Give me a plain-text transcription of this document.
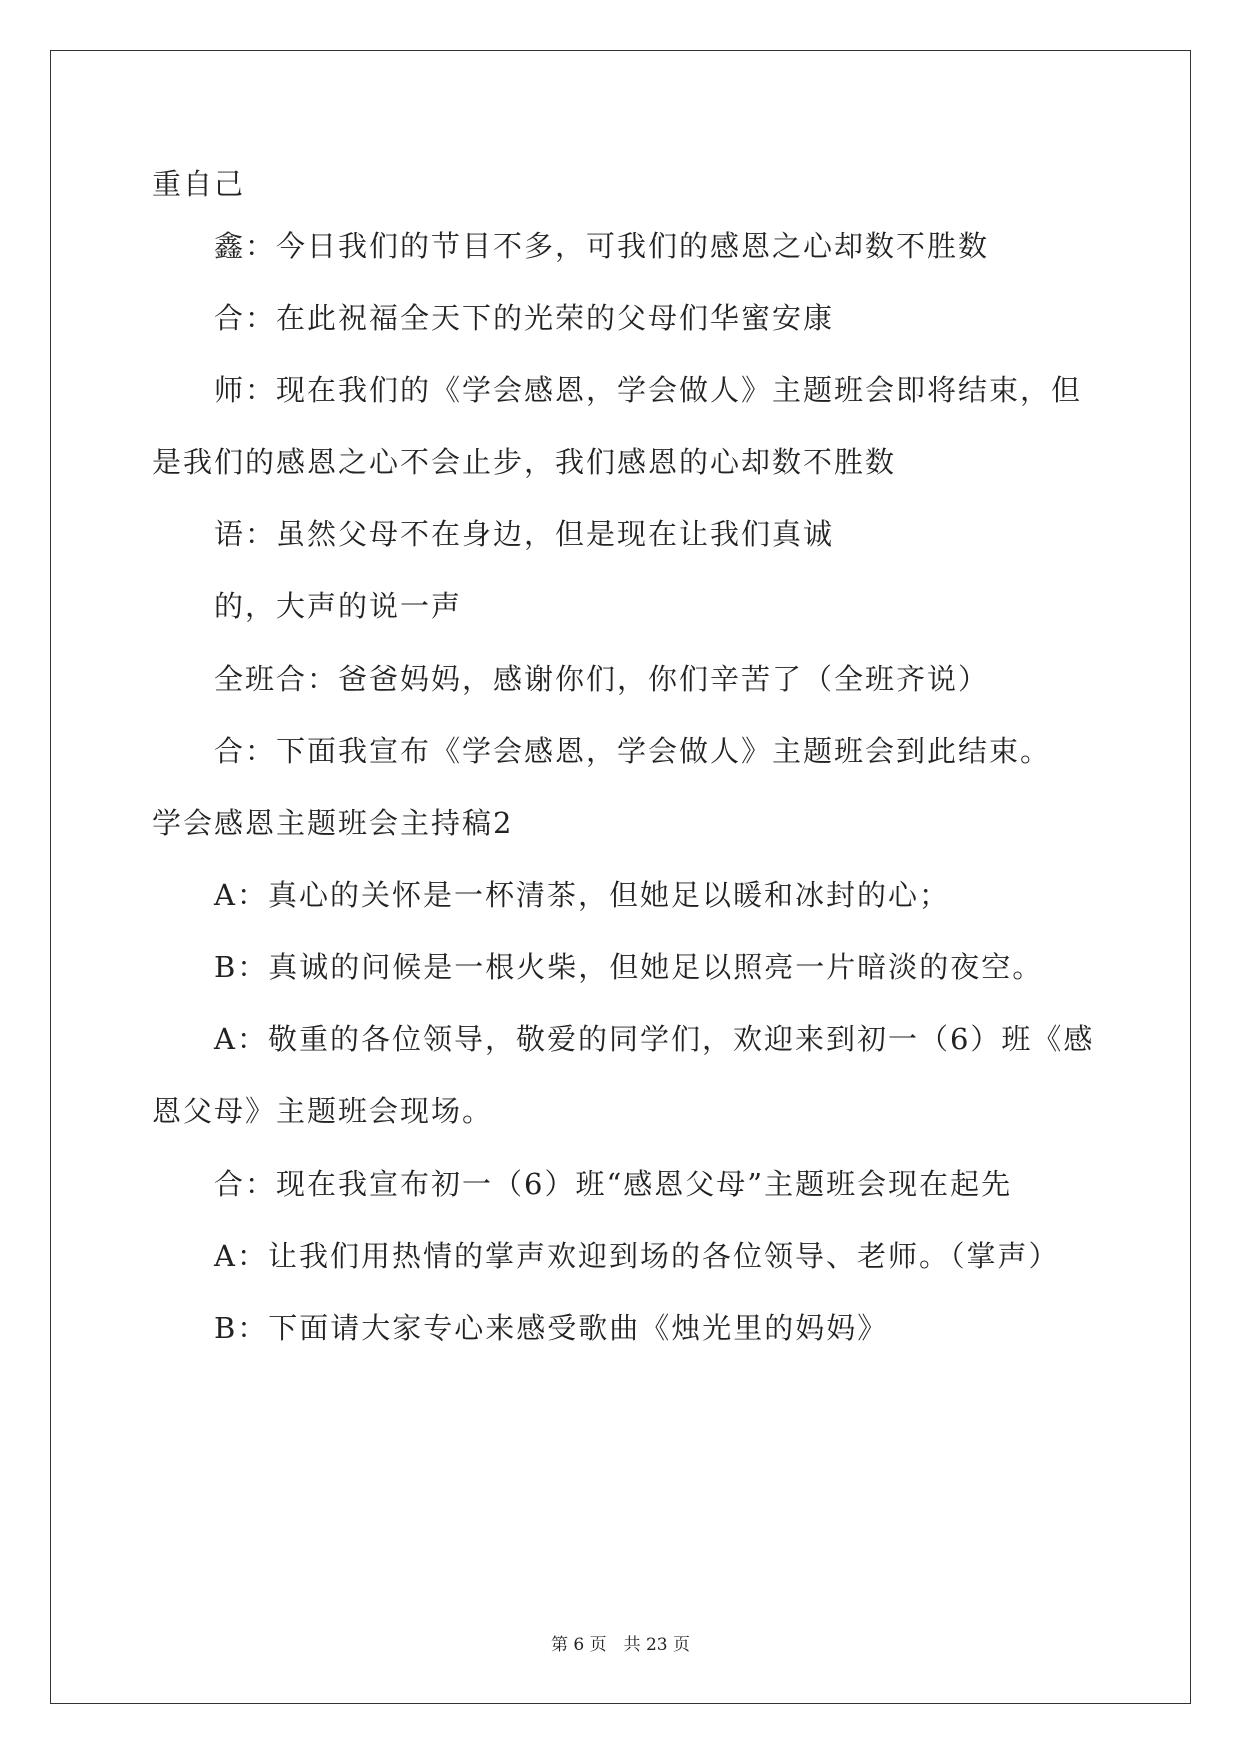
重自己
鑫：今日我们的节目不多，可我们的感恩之心却数不胜数
合：在此祝福全天下的光荣的父母们华蜜安康
师：现在我们的《学会感恩，学会做人》主题班会即将结束，但
是我们的感恩之心不会止步，我们感恩的心却数不胜数
语：虽然父母不在身边，但是现在让我们真诚
的，大声的说一声
全班合：爸爸妈妈，感谢你们，你们辛苦了（全班齐说）
合：下面我宣布《学会感恩，学会做人》主题班会到此结束。
学会感恩主题班会主持稿2
A：真心的关怀是一杯清茶，但她足以暖和冰封的心；
B：真诚的问候是一根火柴，但她足以照亮一片暗淡的夜空。
A：敬重的各位领导，敬爱的同学们，欢迎来到初一（6）班《感
恩父母》主题班会现场。
合：现在我宣布初一（6）班“感恩父母”主题班会现在起先
A：让我们用热情的掌声欢迎到场的各位领导、老师。（掌声）
B：下面请大家专心来感受歌曲《烛光里的妈妈》
第 6 页　共 23 页
